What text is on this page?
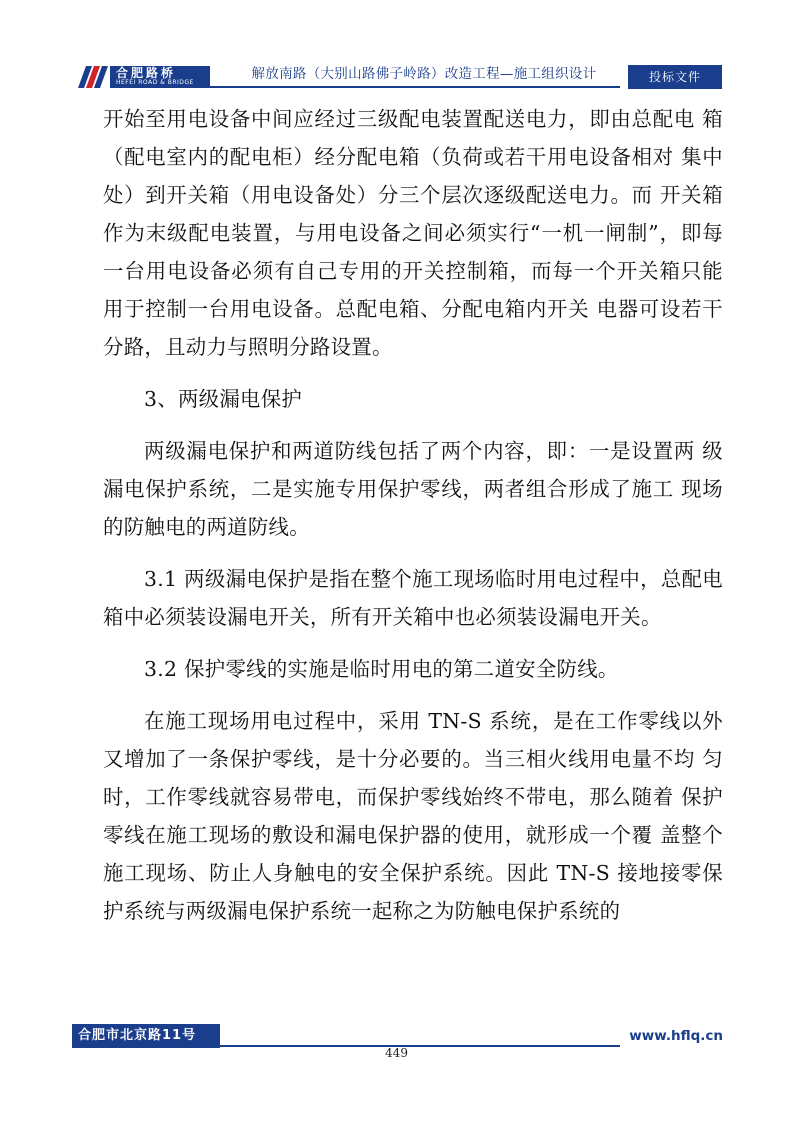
合肥路桥
HEFEI ROAD & BRIDGE
解放南路（大别山路佛子岭路）改造工程—施工组织设计	投标文件

开始至用电设备中间应经过三级配电装置配送电力，即由总配电 箱（配电室内的配电柜）经分配电箱（负荷或若干用电设备相对 集中处）到开关箱（用电设备处）分三个层次逐级配送电力。而 开关箱作为末级配电装置，与用电设备之间必须实行“一机一闸制”，即每一台用电设备必须有自己专用的开关控制箱，而每一个开关箱只能用于控制一台用电设备。总配电箱、分配电箱内开关 电器可设若干分路，且动力与照明分路设置。

3、两级漏电保护

两级漏电保护和两道防线包括了两个内容，即：一是设置两 级漏电保护系统，二是实施专用保护零线，两者组合形成了施工 现场的防触电的两道防线。

3.1 两级漏电保护是指在整个施工现场临时用电过程中，总配电箱中必须装设漏电开关，所有开关箱中也必须装设漏电开关。

3.2 保护零线的实施是临时用电的第二道安全防线。

在施工现场用电过程中，采用 TN-S 系统，是在工作零线以外又增加了一条保护零线，是十分必要的。当三相火线用电量不均 匀时，工作零线就容易带电，而保护零线始终不带电，那么随着 保护零线在施工现场的敷设和漏电保护器的使用，就形成一个覆 盖整个施工现场、防止人身触电的安全保护系统。因此 TN-S 接地接零保护系统与两级漏电保护系统一起称之为防触电保护系统的

合肥市北京路11号	www.hflq.cn
449
